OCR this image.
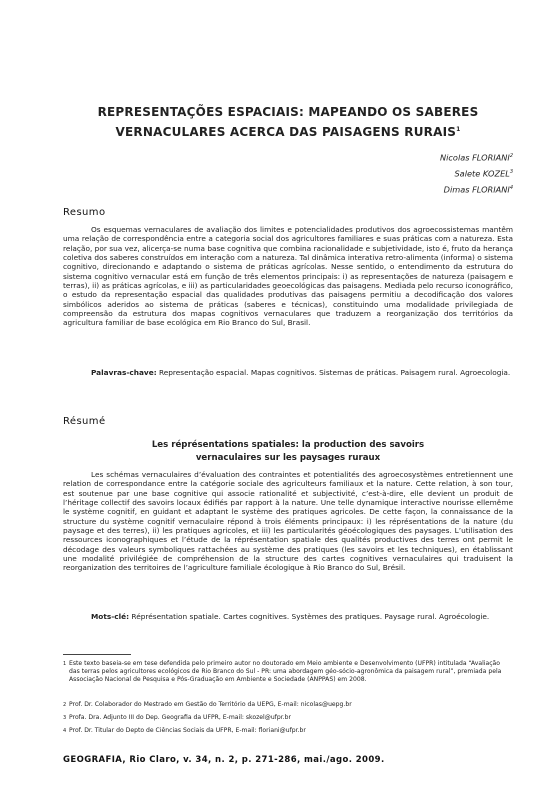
REPRESENTAÇÕES ESPACIAIS: MAPEANDO OS SABERES
VERNACULARES ACERCA DAS PAISAGENS RURAIS$^1$
Nicolas FLORIANI$^2$
Salete KOZEL$^3$
Dimas FLORIANI$^4$
Resumo
Os esquemas vernaculares de avaliação dos limites e potencialidades produtivos dos agroecossistemas mantêm uma relação de correspondência entre a categoria social dos agricultores familiares e suas práticas com a natureza. Esta relação, por sua vez, alicerça-se numa base cognitiva que combina racionalidade e subjetividade, isto é, fruto da herança coletiva dos saberes construídos em interação com a natureza. Tal dinâmica interativa retro-alimenta (informa) o sistema cognitivo, direcionando e adaptando o sistema de práticas agrícolas. Nesse sentido, o entendimento da estrutura do sistema cognitivo vernacular está em função de três elementos principais: i) as representações de natureza (paisagem e terras), ii) as práticas agrícolas, e iii) as particularidades geoecológicas das paisagens. Mediada pelo recurso iconográfico, o estudo da representação espacial das qualidades produtivas das paisagens permitiu a decodificação dos valores simbólicos aderidos ao sistema de práticas (saberes e técnicas), constituindo uma modalidade privilegiada de compreensão da estrutura dos mapas cognitivos vernaculares que traduzem a reorganização dos territórios da agricultura familiar de base ecológica em Rio Branco do Sul, Brasil.
Palavras-chave: Representação espacial. Mapas cognitivos. Sistemas de práticas. Paisagem rural. Agroecologia.
Résumé
Les réprésentations spatiales: la production des savoirs
vernaculaires sur les paysages ruraux
Les schémas vernaculaires d’évaluation des contraintes et potentialités des agroecosystèmes entretiennent une relation de correspondance entre la catégorie sociale des agriculteurs familiaux et la nature. Cette relation, à son tour, est soutenue par une base cognitive qui associe rationalité et subjectivité, c’est-à-dire, elle devient un produit de l’héritage collectif des savoirs locaux édifiés par rapport à la nature. Une telle dynamique interactive nourisse ellemême le système cognitif, en guidant et adaptant le système des pratiques agricoles. De cette façon, la connaissance de la structure du système cognitif vernaculaire répond à trois éléments principaux: i) les réprésentations de la nature (du paysage et des terres), ii) les pratiques agricoles, et iii) les particularités géoécologiques des paysages. L’utilisation des ressources iconographiques et l’étude de la réprésentation spatiale des qualités productives des terres ont permit le décodage des valeurs symboliques rattachées au système des pratiques (les savoirs et les techniques), en établissant une modalité privilégiée de compréhension de la structure des cartes cognitives vernaculaires qui traduisent la reorganization des territoires de l’agriculture familiale écologique à Rio Branco do Sul, Brésil.
Mots-clé: Réprésentation spatiale. Cartes cognitives. Systèmes des pratiques. Paysage rural. Agroécologie.
1 Este texto baseia-se em tese defendida pelo primeiro autor no doutorado em Meio ambiente e Desenvolvimento (UFPR) intitulada “Avaliação das terras pelos agricultores ecológicos de Rio Branco do Sul - PR: uma abordagem géo-sócio-agronômica da paisagem rural”, premiada pela Associação Nacional de Pesquisa e Pós-Graduação em Ambiente e Sociedade (ANPPAS) em 2008.
2 Prof. Dr. Colaborador do Mestrado em Gestão do Território da UEPG, E-mail: nicolas@uepg.br
3 Profa. Dra. Adjunto III do Dep. Geografia da UFPR, E-mail: skozel@ufpr.br
4 Prof. Dr. Titular do Depto de Ciências Sociais da UFPR, E-mail: floriani@ufpr.br
GEOGRAFIA, Rio Claro, v. 34, n. 2, p. 271-286, mai./ago. 2009.
